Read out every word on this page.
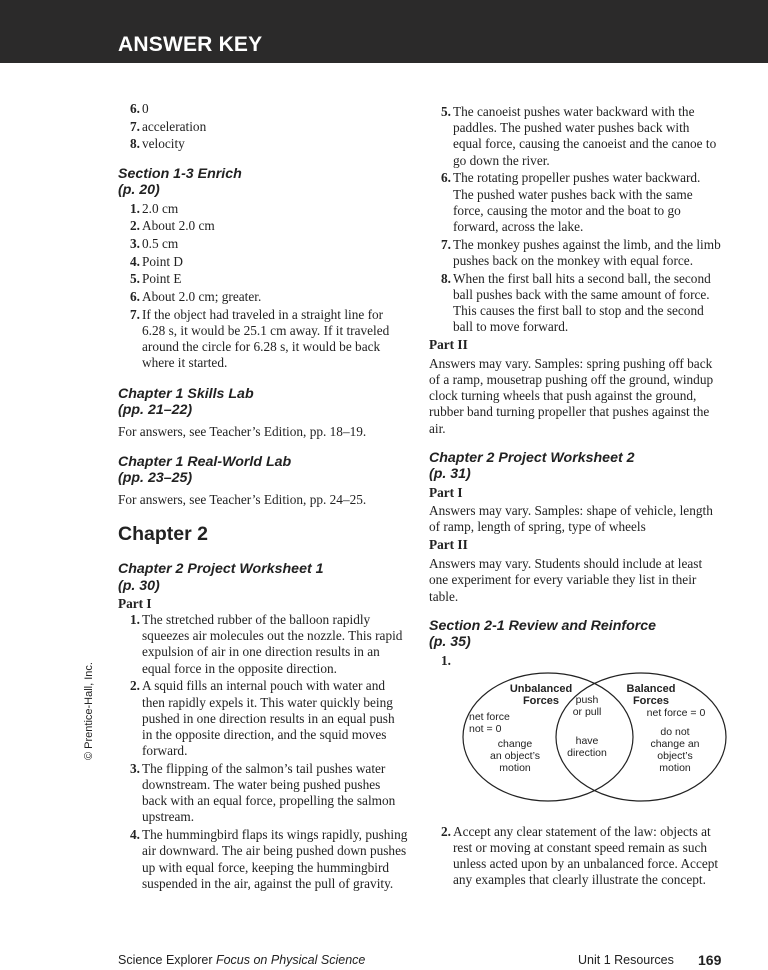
ANSWER KEY
6. 0
7. acceleration
8. velocity
Section 1-3 Enrich
(p. 20)
1. 2.0 cm
2. About 2.0 cm
3. 0.5 cm
4. Point D
5. Point E
6. About 2.0 cm; greater.
7. If the object had traveled in a straight line for 6.28 s, it would be 25.1 cm away. If it traveled around the circle for 6.28 s, it would be back where it started.
Chapter 1 Skills Lab
(pp. 21–22)

For answers, see Teacher’s Edition, pp. 18–19.

Chapter 1 Real-World Lab
(pp. 23–25)

For answers, see Teacher’s Edition, pp. 24–25.

Chapter 2
Chapter 2 Project Worksheet 1
(p. 30)
Part I
1. The stretched rubber of the balloon rapidly squeezes air molecules out the nozzle. This rapid expulsion of air in one direction results in an equal force in the opposite direction.
2. A squid fills an internal pouch with water and then rapidly expels it. This water quickly being pushed in one direction results in an equal push in the opposite direction, and the squid moves forward.
3. The flipping of the salmon’s tail pushes water downstream. The water being pushed pushes back with an equal force, propelling the salmon upstream.
4. The hummingbird flaps its wings rapidly, pushing air downward. The air being pushed down pushes up with equal force, keeping the hummingbird suspended in the air, against the pull of gravity.
5. The canoeist pushes water backward with the paddles. The pushed water pushes back with equal force, causing the canoeist and the canoe to go down the river.
6. The rotating propeller pushes water backward. The pushed water pushes back with the same force, causing the motor and the boat to go forward, across the lake.
7. The monkey pushes against the limb, and the limb pushes back on the monkey with equal force.
8. When the first ball hits a second ball, the second ball pushes back with the same amount of force. This causes the first ball to stop and the second ball to move forward.
Part II

Answers may vary. Samples: spring pushing off back of a ramp, mousetrap pushing off the ground, windup clock turning wheels that push against the ground, rubber band turning propeller that pushes against the air.

Chapter 2 Project Worksheet 2
(p. 31)
Part I

Answers may vary. Samples: shape of vehicle, length of ramp, length of spring, type of wheels

Part II

Answers may vary. Students should include at least one experiment for every variable they list in their table.

Section 2-1 Review and Reinforce
(p. 35)
1.
Unbalanced
Forces
Balanced
Forces
push
or pull
net force
not = 0
net force = 0
do not
change an
object’s
motion
change
an object’s
motion
have
direction
2. Accept any clear statement of the law: objects at rest or moving at constant speed remain as such unless acted upon by an unbalanced force. Accept any examples that clearly illustrate the concept.
© Prentice-Hall, Inc.
Science Explorer Focus on Physical Science	Unit 1 Resources 169
